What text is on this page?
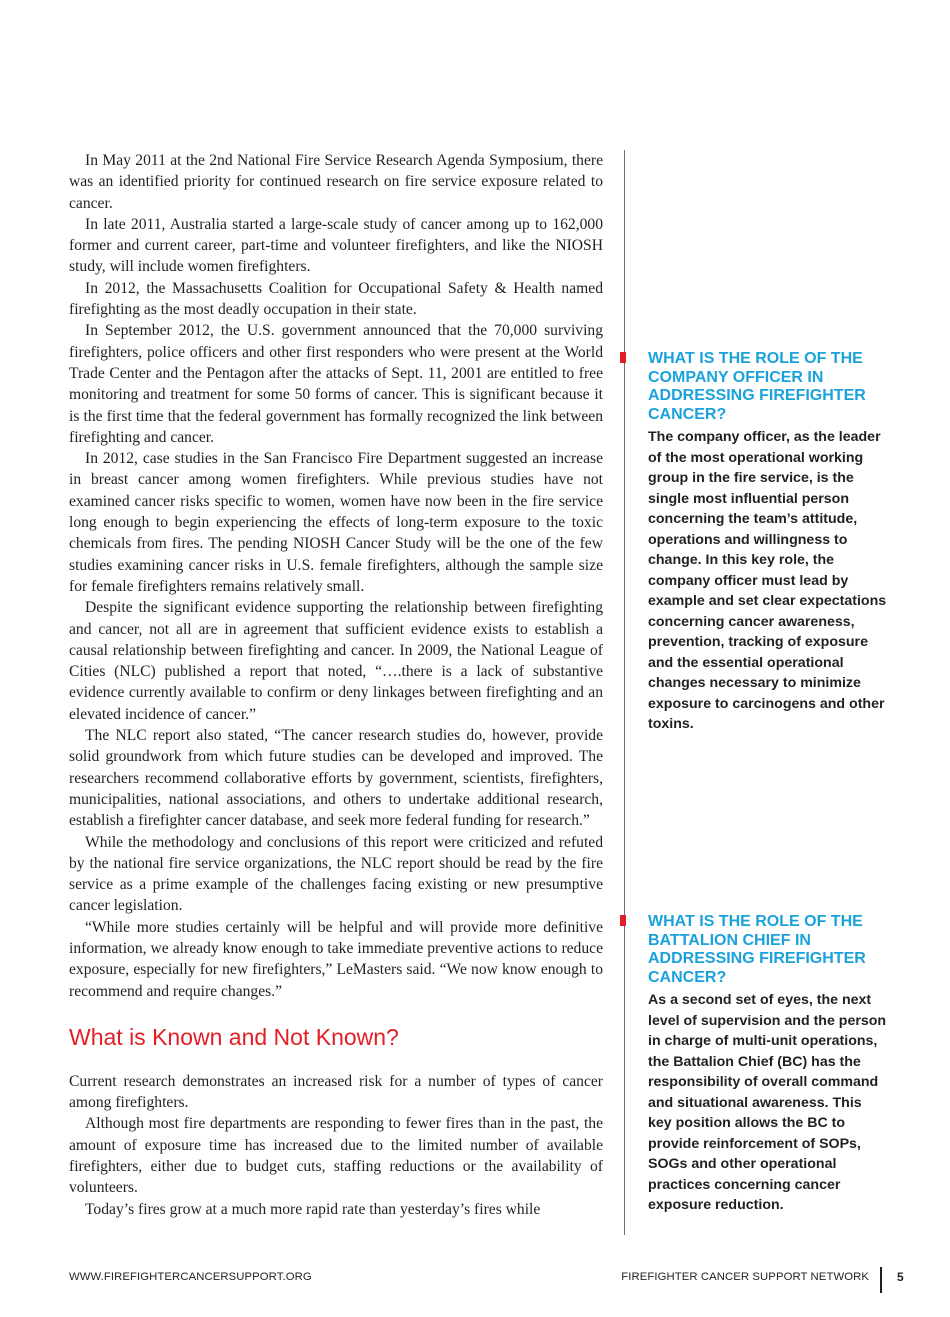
In May 2011 at the 2nd National Fire Service Research Agenda Symposium, there was an identified priority for continued research on fire service exposure related to cancer.

In late 2011, Australia started a large-scale study of cancer among up to 162,000 former and current career, part-time and volunteer firefighters, and like the NIOSH study, will include women firefighters.

In 2012, the Massachusetts Coalition for Occupational Safety & Health named firefighting as the most deadly occupation in their state.

In September 2012, the U.S. government announced that the 70,000 surviving firefighters, police officers and other first responders who were present at the World Trade Center and the Pentagon after the attacks of Sept. 11, 2001 are entitled to free monitoring and treatment for some 50 forms of cancer. This is significant because it is the first time that the federal government has formally recognized the link between firefighting and cancer.

In 2012, case studies in the San Francisco Fire Department suggested an increase in breast cancer among women firefighters. While previous studies have not examined cancer risks specific to women, women have now been in the fire service long enough to begin experiencing the effects of long-term exposure to the toxic chemicals from fires. The pending NIOSH Cancer Study will be the one of the few studies examining cancer risks in U.S. female firefighters, although the sample size for female firefighters remains relatively small.

Despite the significant evidence supporting the relationship between firefighting and cancer, not all are in agreement that sufficient evidence exists to establish a causal relationship between firefighting and cancer. In 2009, the National League of Cities (NLC) published a report that noted, “….there is a lack of substantive evidence currently available to confirm or deny linkages between firefighting and an elevated incidence of cancer.”

The NLC report also stated, “The cancer research studies do, however, provide solid groundwork from which future studies can be developed and improved. The researchers recommend collaborative efforts by government, scientists, firefighters, municipalities, national associations, and others to undertake additional research, establish a firefighter cancer database, and seek more federal funding for research.”

While the methodology and conclusions of this report were criticized and refuted by the national fire service organizations, the NLC report should be read by the fire service as a prime example of the challenges facing existing or new presumptive cancer legislation.

“While more studies certainly will be helpful and will provide more definitive information, we already know enough to take immediate preventive actions to reduce exposure, especially for new firefighters,” LeMasters said. “We now know enough to recommend and require changes.”

What is Known and Not Known?

Current research demonstrates an increased risk for a number of types of cancer among firefighters.

Although most fire departments are responding to fewer fires than in the past, the amount of exposure time has increased due to the limited number of available firefighters, either due to budget cuts, staffing reductions or the availability of volunteers.

Today’s fires grow at a much more rapid rate than yesterday’s fires while

WHAT IS THE ROLE OF THE COMPANY OFFICER IN ADDRESSING FIREFIGHTER CANCER?

The company officer, as the leader of the most operational working group in the fire service, is the single most influential person concerning the team’s attitude, operations and willingness to change. In this key role, the company officer must lead by example and set clear expectations concerning cancer awareness, prevention, tracking of exposure and the essential operational changes necessary to minimize exposure to carcinogens and other toxins.

WHAT IS THE ROLE OF THE BATTALION CHIEF IN ADDRESSING FIREFIGHTER CANCER?

As a second set of eyes, the next level of supervision and the person in charge of multi-unit operations, the Battalion Chief (BC) has the responsibility of overall command and situational awareness. This key position allows the BC to provide reinforcement of SOPs, SOGs and other operational practices concerning cancer exposure reduction.

WWW.FIREFIGHTERCANCERSUPPORT.ORG	FIREFIGHTER CANCER SUPPORT NETWORK 5
